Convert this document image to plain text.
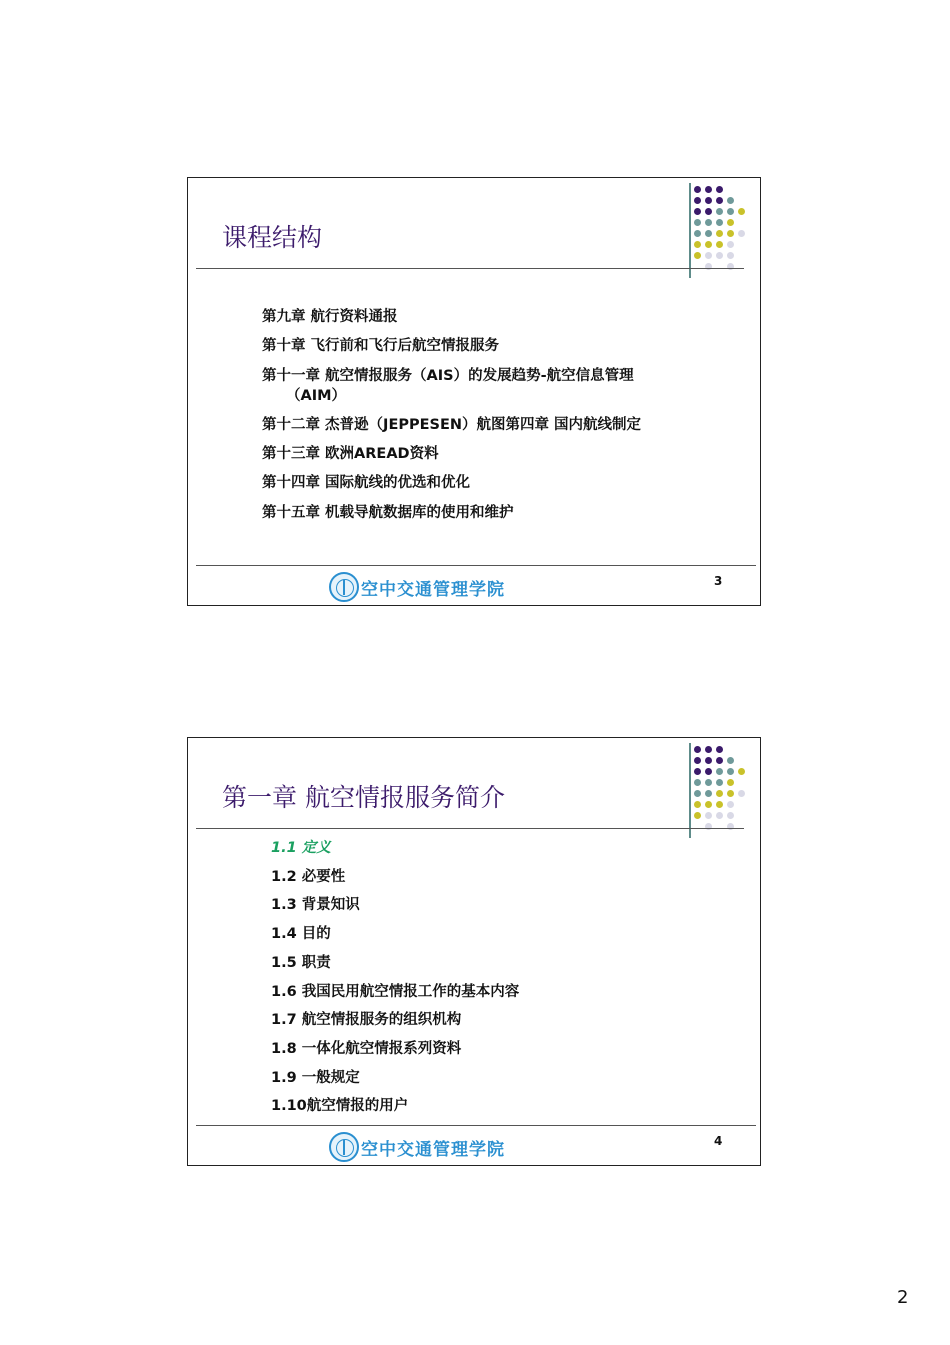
课程结构
第九章 航行资料通报
第十章 飞行前和飞行后航空情报服务
第十一章 航空情报服务（AIS）的发展趋势-航空信息管理
（AIM）
第十二章 杰普逊（JEPPESEN）航图第四章 国内航线制定
第十三章 欧洲AREAD资料
第十四章 国际航线的优选和优化
第十五章 机载导航数据库的使用和维护
空中交通管理学院	3
第一章 航空情报服务简介
1.1 定义
1.2 必要性
1.3 背景知识
1.4 目的
1.5 职责
1.6 我国民用航空情报工作的基本内容
1.7 航空情报服务的组织机构
1.8 一体化航空情报系列资料
1.9 一般规定
1.10航空情报的用户
空中交通管理学院	4
2
